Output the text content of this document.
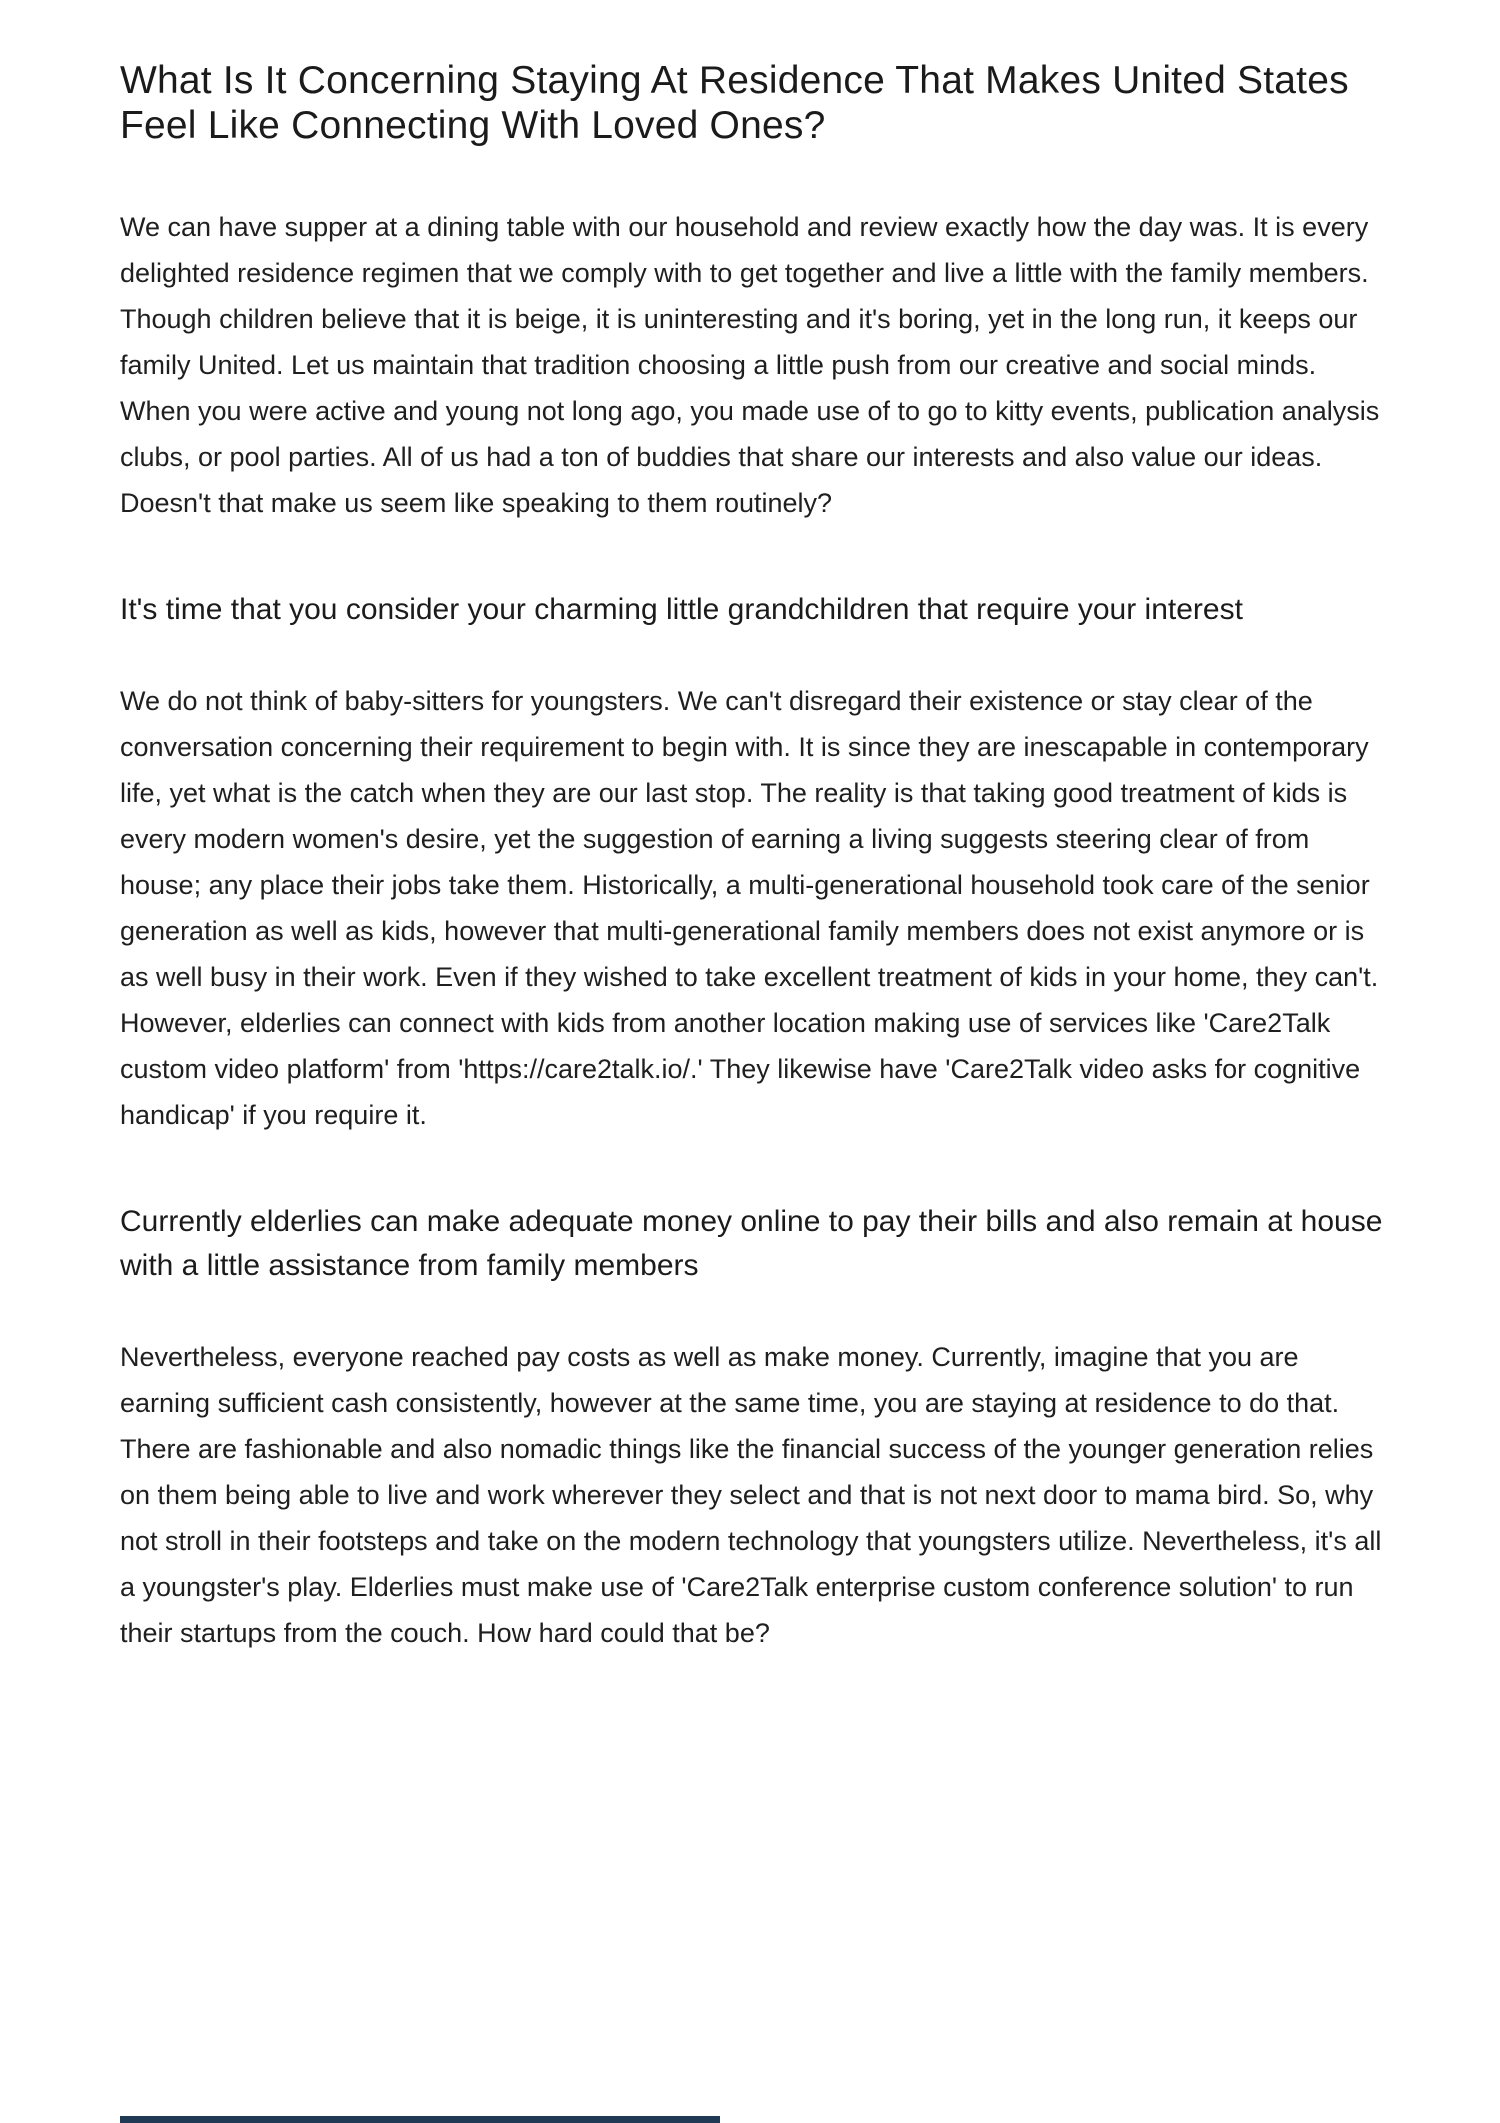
What Is It Concerning Staying At Residence That Makes United States Feel Like Connecting With Loved Ones?

We can have supper at a dining table with our household and review exactly how the day was. It is every delighted residence regimen that we comply with to get together and live a little with the family members. Though children believe that it is beige, it is uninteresting and it's boring, yet in the long run, it keeps our family United. Let us maintain that tradition choosing a little push from our creative and social minds. When you were active and young not long ago, you made use of to go to kitty events, publication analysis clubs, or pool parties. All of us had a ton of buddies that share our interests and also value our ideas. Doesn't that make us seem like speaking to them routinely?

It's time that you consider your charming little grandchildren that require your interest

We do not think of baby-sitters for youngsters. We can't disregard their existence or stay clear of the conversation concerning their requirement to begin with. It is since they are inescapable in contemporary life, yet what is the catch when they are our last stop. The reality is that taking good treatment of kids is every modern women's desire, yet the suggestion of earning a living suggests steering clear of from house; any place their jobs take them. Historically, a multi-generational household took care of the senior generation as well as kids, however that multi-generational family members does not exist anymore or is as well busy in their work. Even if they wished to take excellent treatment of kids in your home, they can't. However, elderlies can connect with kids from another location making use of services like 'Care2Talk custom video platform' from 'https://care2talk.io/.' They likewise have 'Care2Talk video asks for cognitive handicap' if you require it.

Currently elderlies can make adequate money online to pay their bills and also remain at house with a little assistance from family members

Nevertheless, everyone reached pay costs as well as make money. Currently, imagine that you are earning sufficient cash consistently, however at the same time, you are staying at residence to do that. There are fashionable and also nomadic things like the financial success of the younger generation relies on them being able to live and work wherever they select and that is not next door to mama bird. So, why not stroll in their footsteps and take on the modern technology that youngsters utilize. Nevertheless, it's all a youngster's play. Elderlies must make use of 'Care2Talk enterprise custom conference solution' to run their startups from the couch. How hard could that be?
